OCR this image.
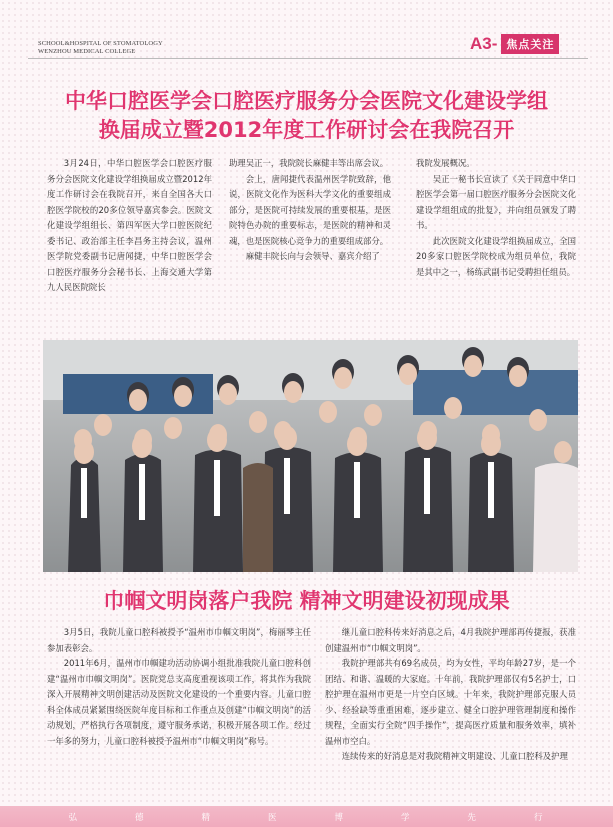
SCHOOL&HOSPITAL OF STOMATOLOGY
WENZHOU MEDICAL COLLEGE	A3- 焦点关注
中华口腔医学会口腔医疗服务分会医院文化建设学组
换届成立暨2012年度工作研讨会在我院召开

3月24日，中华口腔医学会口腔医疗服务分会医院文化建设学组换届成立暨2012年度工作研讨会在我院召开，来自全国各大口腔医学院校的20多位领导嘉宾参会。医院文化建设学组组长、第四军医大学口腔医院纪委书记、政治部主任李昌务主持会议，温州医学院党委副书记唐闻捷，中华口腔医学会口腔医疗服务分会秘书长、上海交通大学第九人民医院院长

助理吴正一，我院院长麻健丰等出席会议。

会上，唐闻捷代表温州医学院致辞，他说，医院文化作为医科大学文化的重要组成部分，是医院可持续发展的重要根基，是医院特色办院的重要标志，是医院的精神和灵魂，也是医院核心竞争力的重要组成部分。

麻健丰院长向与会领导、嘉宾介绍了

我院发展概况。

吴正一秘书长宣读了《关于同意中华口腔医学会第一届口腔医疗服务分会医院文化建设学组组成的批复》，并向组员颁发了聘书。

此次医院文化建设学组换届成立，全国20多家口腔医学院校成为组员单位，我院是其中之一，杨练武副书记受聘担任组员。

巾帼文明岗落户我院 精神文明建设初现成果

3月5日，我院儿童口腔科被授予“温州市巾帼文明岗”，梅丽琴主任参加表彰会。

2011年6月，温州市巾帼建功活动协调小组批准我院儿童口腔科创建“温州市巾帼文明岗”。医院党总支高度重视该项工作，将其作为我院深入开展精神文明创建活动及医院文化建设的一个重要内容。儿童口腔科全体成员紧紧围绕医院年度目标和工作重点及创建“巾帼文明岗”的活动规划，严格执行各项制度，遵守服务承诺，积极开展各项工作。经过一年多的努力，儿童口腔科被授予温州市“巾帼文明岗”称号。

继儿童口腔科传来好消息之后，4月我院护理部再传捷报，获准创建温州市“巾帼文明岗”。

我院护理部共有69名成员，均为女性，平均年龄27岁，是一个团结、和谐、温暖的大家庭。十年前，我院护理部仅有5名护士，口腔护理在温州市更是一片空白区域。十年来，我院护理部克服人员少、经验缺等重重困难，逐步建立、健全口腔护理管理制度和操作规程，全面实行全院“四手操作”，提高医疗质量和服务效率，填补温州市空白。

连续传来的好消息是对我院精神文明建设、儿童口腔科及护理

弘	德	精	医	博	学	先	行
